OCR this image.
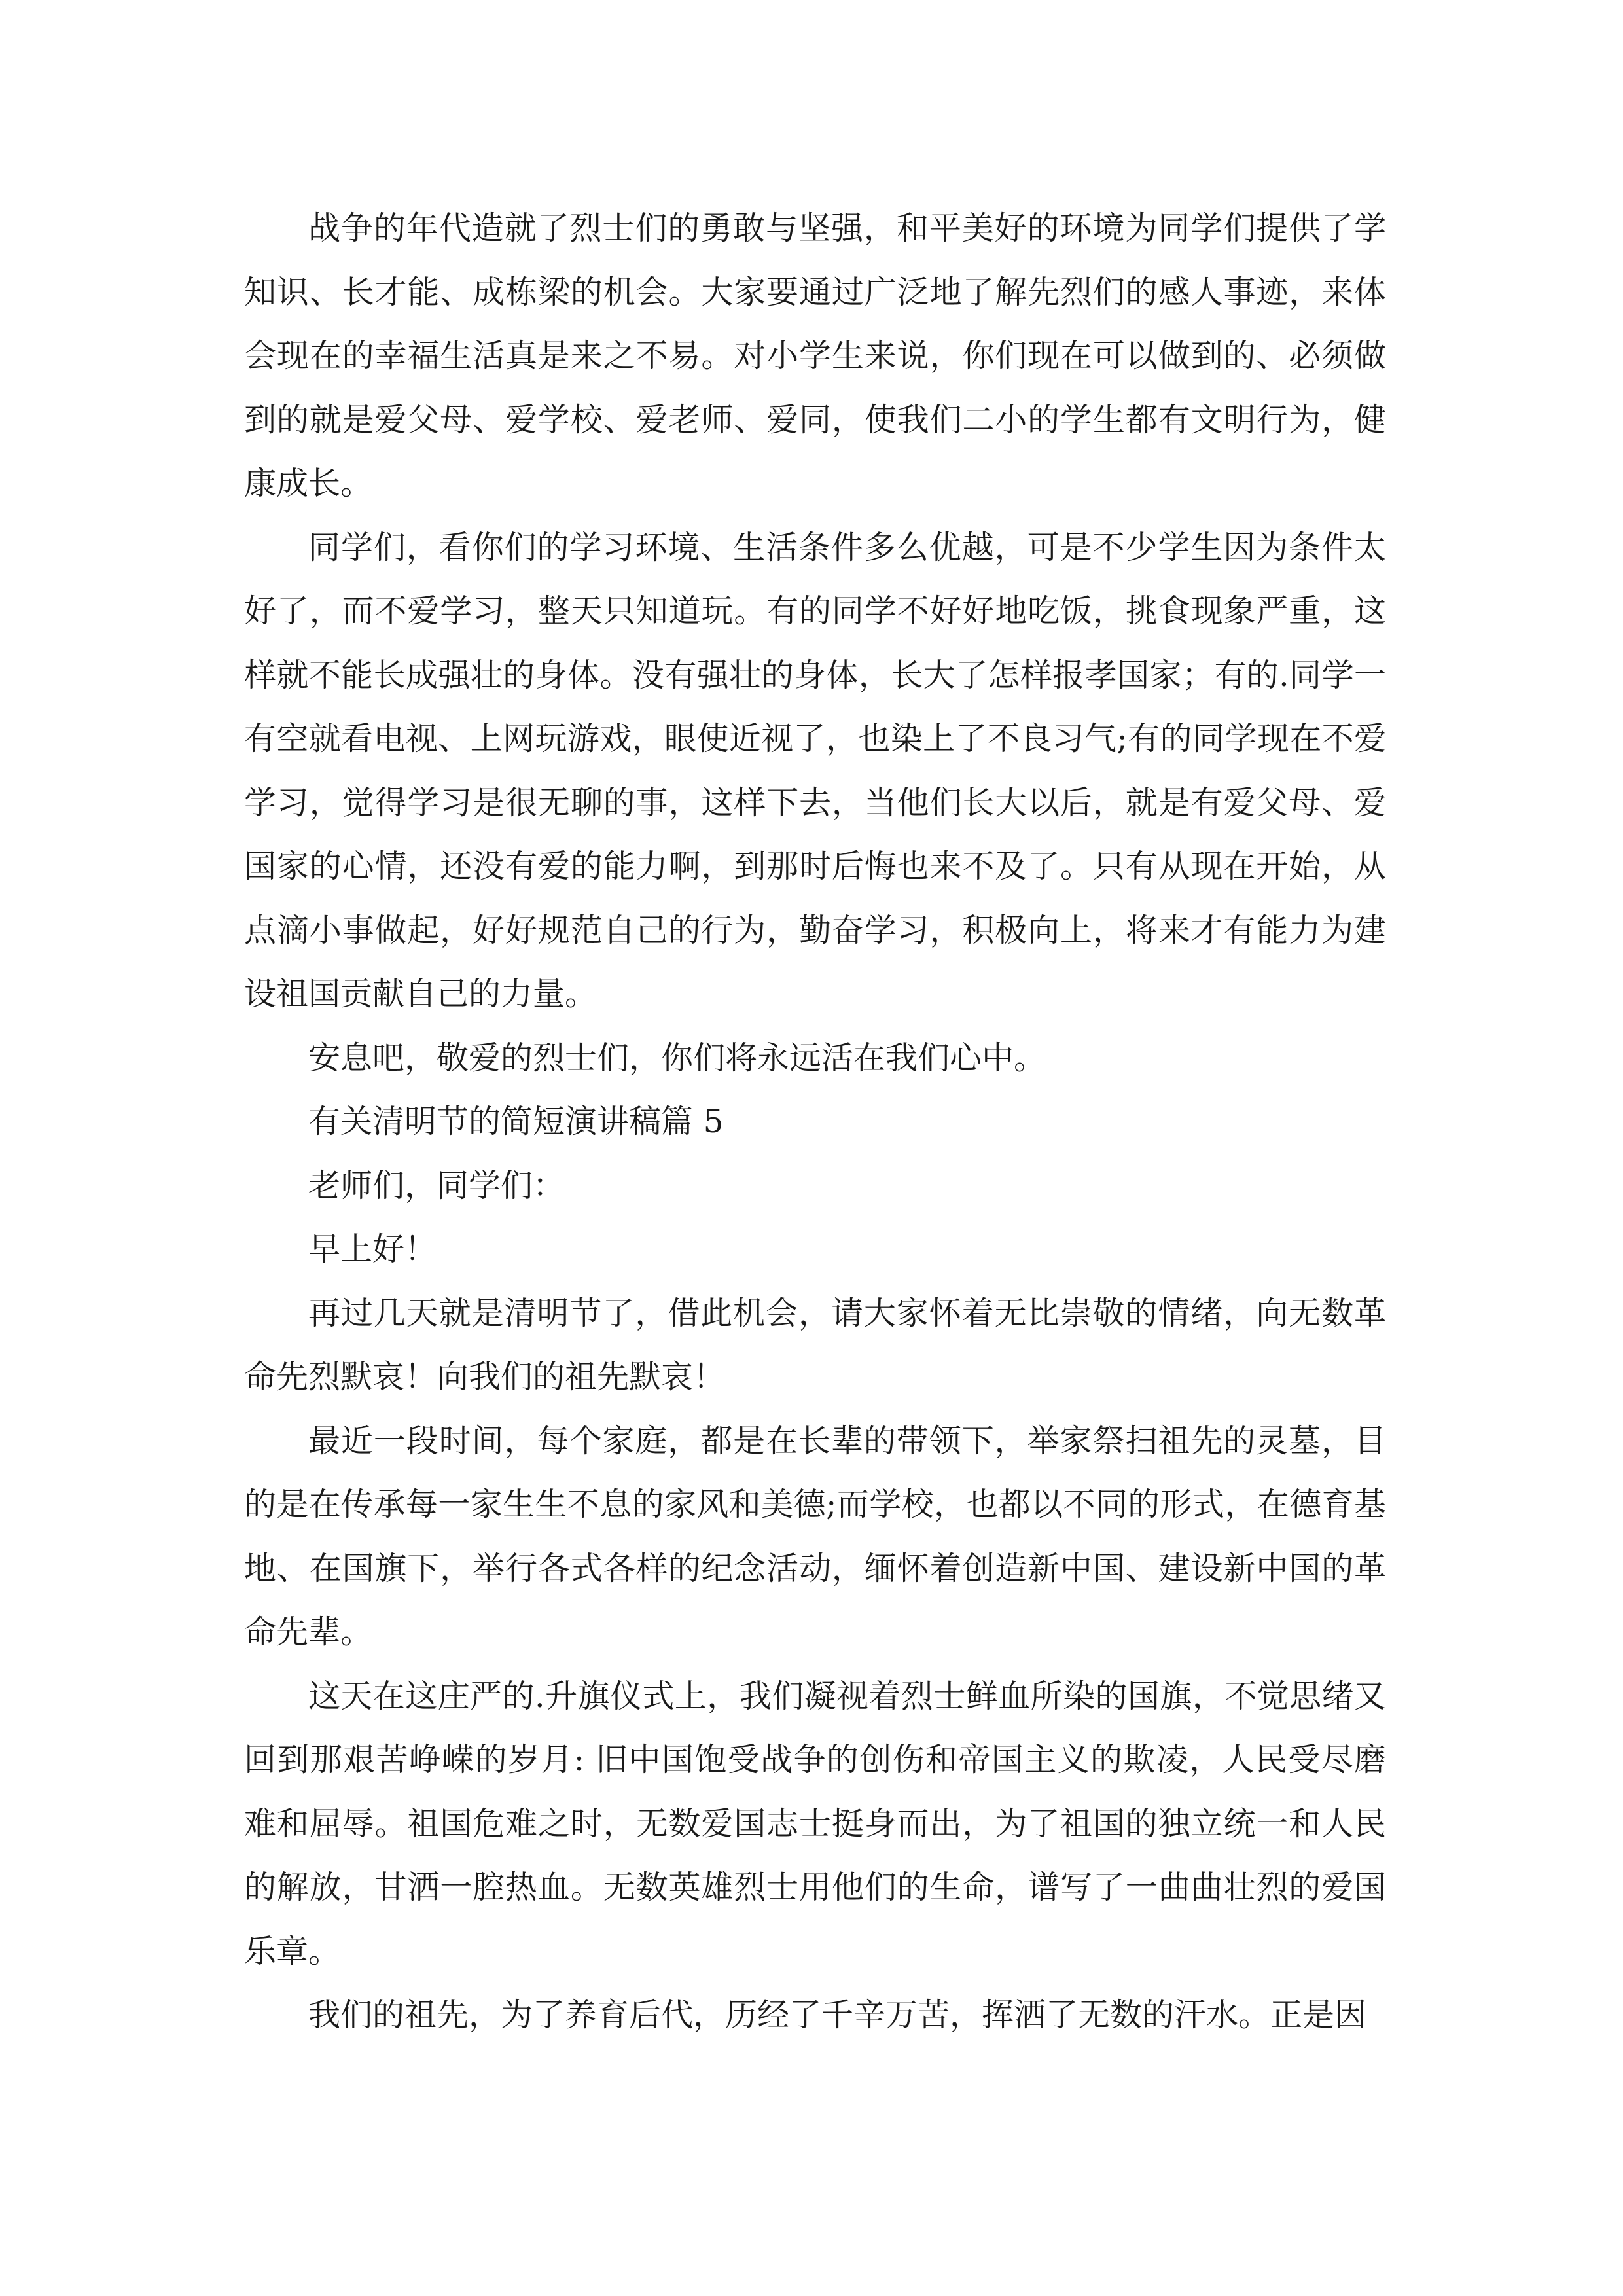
战争的年代造就了烈士们的勇敢与坚强，和平美好的环境为同学们提供了学知识、长才能、成栋梁的机会。大家要通过广泛地了解先烈们的感人事迹，来体会现在的幸福生活真是来之不易。对小学生来说，你们现在可以做到的、必须做到的就是爱父母、爱学校、爱老师、爱同，使我们二小的学生都有文明行为，健康成长。

同学们，看你们的学习环境、生活条件多么优越，可是不少学生因为条件太好了，而不爱学习，整天只知道玩。有的同学不好好地吃饭，挑食现象严重，这样就不能长成强壮的身体。没有强壮的身体，长大了怎样报孝国家；有的.同学一有空就看电视、上网玩游戏，眼使近视了，也染上了不良习气;有的同学现在不爱学习，觉得学习是很无聊的事，这样下去，当他们长大以后，就是有爱父母、爱国家的心情，还没有爱的能力啊，到那时后悔也来不及了。只有从现在开始，从点滴小事做起，好好规范自己的行为，勤奋学习，积极向上，将来才有能力为建设祖国贡献自己的力量。

安息吧，敬爱的烈士们，你们将永远活在我们心中。

有关清明节的简短演讲稿篇 5

老师们，同学们：

早上好！

再过几天就是清明节了，借此机会，请大家怀着无比崇敬的情绪，向无数革命先烈默哀！向我们的祖先默哀！

最近一段时间，每个家庭，都是在长辈的带领下，举家祭扫祖先的灵墓，目的是在传承每一家生生不息的家风和美德;而学校，也都以不同的形式，在德育基地、在国旗下，举行各式各样的纪念活动，缅怀着创造新中国、建设新中国的革命先辈。

这天在这庄严的.升旗仪式上，我们凝视着烈士鲜血所染的国旗，不觉思绪又回到那艰苦峥嵘的岁月: 旧中国饱受战争的创伤和帝国主义的欺凌，人民受尽磨难和屈辱。祖国危难之时，无数爱国志士挺身而出，为了祖国的独立统一和人民的解放，甘洒一腔热血。无数英雄烈士用他们的生命，谱写了一曲曲壮烈的爱国乐章。

我们的祖先，为了养育后代，历经了千辛万苦，挥洒了无数的汗水。正是因
